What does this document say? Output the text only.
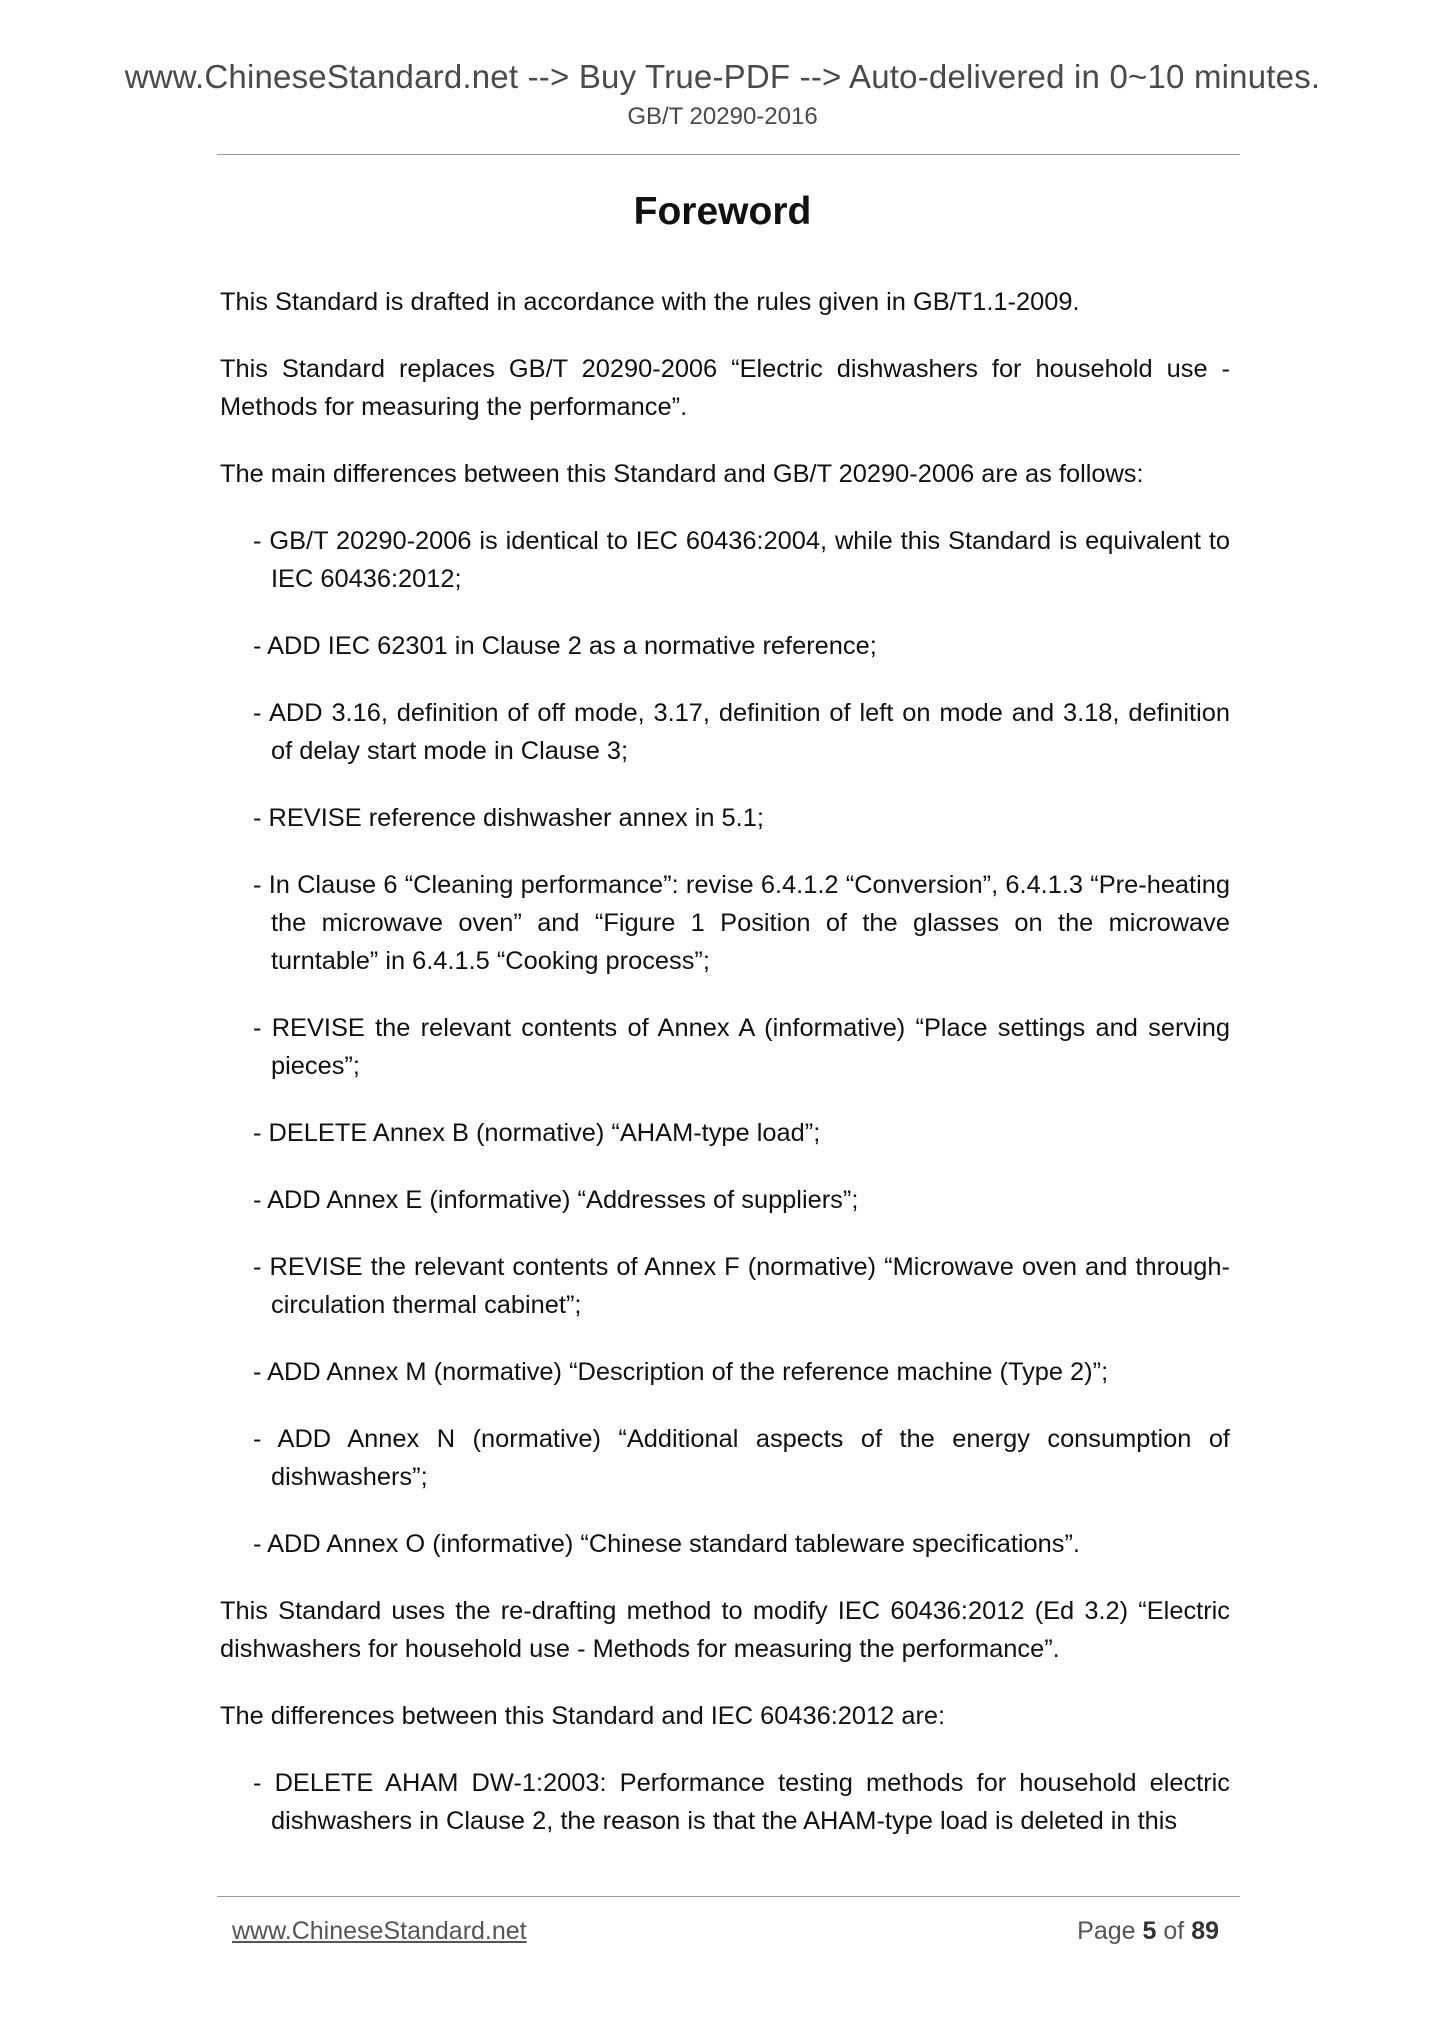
www.ChineseStandard.net --> Buy True-PDF --> Auto-delivered in 0~10 minutes.
GB/T 20290-2016
Foreword

This Standard is drafted in accordance with the rules given in GB/T1.1-2009.

This Standard replaces GB/T 20290-2006 “Electric dishwashers for household use - Methods for measuring the performance”.

The main differences between this Standard and GB/T 20290-2006 are as follows:

- GB/T 20290-2006 is identical to IEC 60436:2004, while this Standard is equivalent to IEC 60436:2012;
- ADD IEC 62301 in Clause 2 as a normative reference;
- ADD 3.16, definition of off mode, 3.17, definition of left on mode and 3.18, definition of delay start mode in Clause 3;
- REVISE reference dishwasher annex in 5.1;
- In Clause 6 “Cleaning performance”: revise 6.4.1.2 “Conversion”, 6.4.1.3 “Pre-heating the microwave oven” and “Figure 1 Position of the glasses on the microwave turntable” in 6.4.1.5 “Cooking process”;
- REVISE the relevant contents of Annex A (informative) “Place settings and serving pieces”;
- DELETE Annex B (normative) “AHAM-type load”;
- ADD Annex E (informative) “Addresses of suppliers”;
- REVISE the relevant contents of Annex F (normative) “Microwave oven and through-circulation thermal cabinet”;
- ADD Annex M (normative) “Description of the reference machine (Type 2)”;
- ADD Annex N (normative) “Additional aspects of the energy consumption of dishwashers”;
- ADD Annex O (informative) “Chinese standard tableware specifications”.

This Standard uses the re-drafting method to modify IEC 60436:2012 (Ed 3.2) “Electric dishwashers for household use - Methods for measuring the performance”.

The differences between this Standard and IEC 60436:2012 are:

- DELETE AHAM DW-1:2003: Performance testing methods for household electric dishwashers in Clause 2, the reason is that the AHAM-type load is deleted in this
www.ChineseStandard.net	Page 5 of 89
